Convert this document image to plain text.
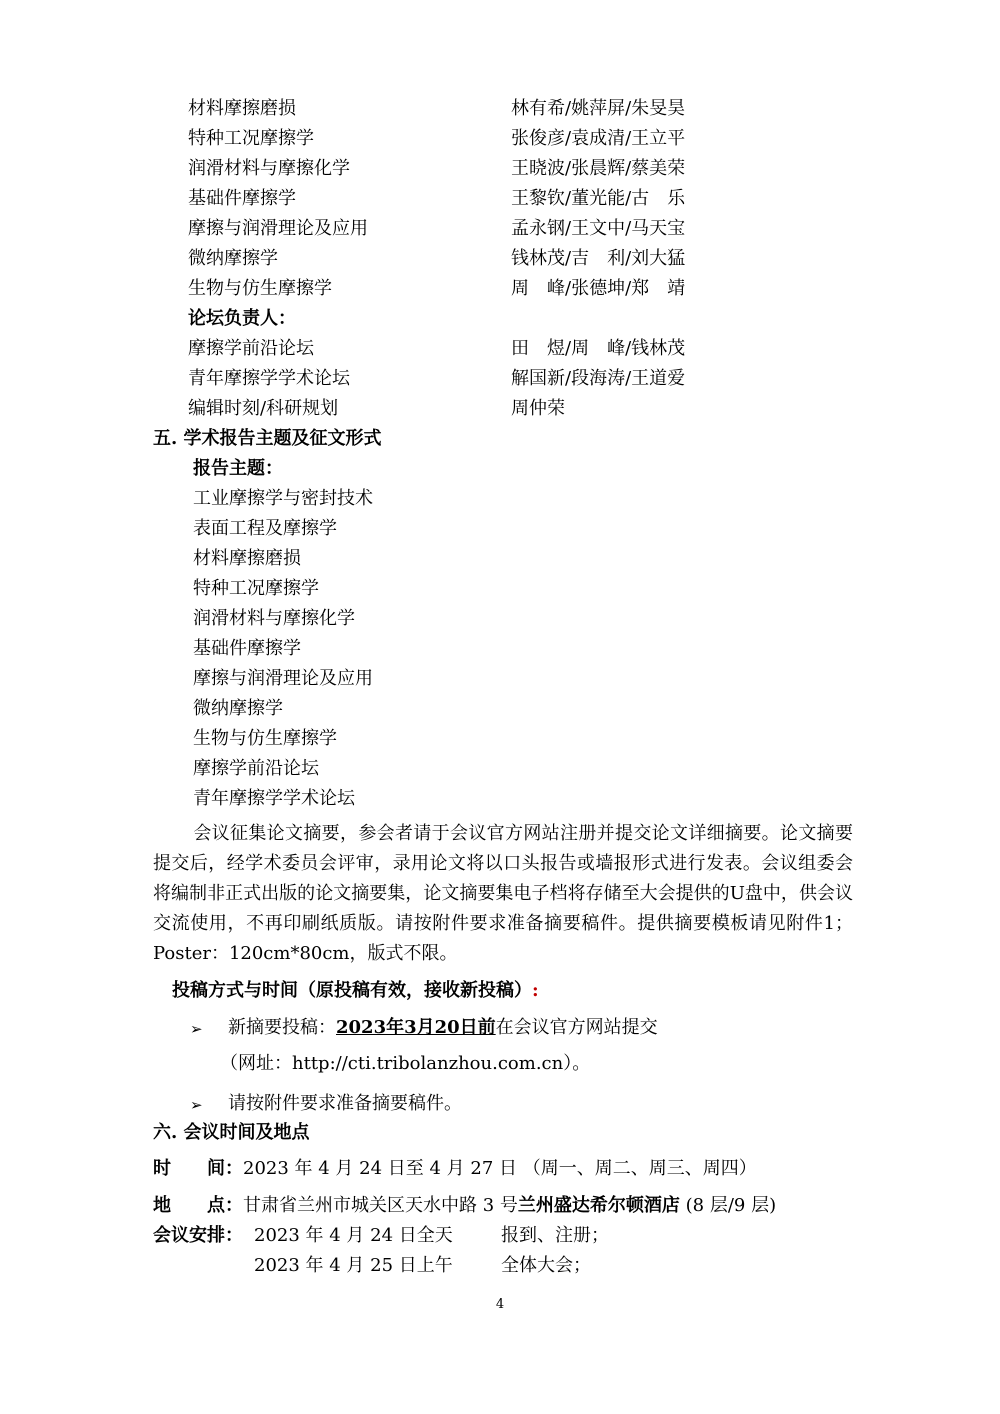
材料摩擦磨损	林有希/姚萍屏/朱旻昊
特种工况摩擦学	张俊彦/袁成清/王立平
润滑材料与摩擦化学	王晓波/张晨辉/蔡美荣
基础件摩擦学	王黎钦/董光能/古　乐
摩擦与润滑理论及应用	孟永钢/王文中/马天宝
微纳摩擦学	钱林茂/吉　利/刘大猛
生物与仿生摩擦学	周　峰/张德坤/郑　靖
论坛负责人：
摩擦学前沿论坛	田　煜/周　峰/钱林茂
青年摩擦学学术论坛	解国新/段海涛/王道爱
编辑时刻/科研规划	周仲荣
五. 学术报告主题及征文形式
报告主题：
工业摩擦学与密封技术
表面工程及摩擦学
材料摩擦磨损
特种工况摩擦学
润滑材料与摩擦化学
基础件摩擦学
摩擦与润滑理论及应用
微纳摩擦学
生物与仿生摩擦学
摩擦学前沿论坛
青年摩擦学学术论坛
会议征集论文摘要，参会者请于会议官方网站注册并提交论文详细摘要。论文摘要提交后，经学术委员会评审，录用论文将以口头报告或墙报形式进行发表。会议组委会将编制非正式出版的论文摘要集，论文摘要集电子档将存储至大会提供的U盘中，供会议交流使用，不再印刷纸质版。请按附件要求准备摘要稿件。提供摘要模板请见附件1；Poster：120cm*80cm，版式不限。
投稿方式与时间（原投稿有效，接收新投稿）:
➢ 新摘要投稿：2023年3月20日前在会议官方网站提交
（网址：http://cti.tribolanzhou.com.cn）。
➢ 请按附件要求准备摘要稿件。
六. 会议时间及地点
时　　间：2023 年 4 月 24 日至 4 月 27 日 （周一、周二、周三、周四）
地　　点：甘肃省兰州市城关区天水中路 3 号兰州盛达希尔顿酒店 (8 层/9 层)
会议安排： 2023 年 4 月 24 日全天	报到、注册；
2023 年 4 月 25 日上午	全体大会；
4
